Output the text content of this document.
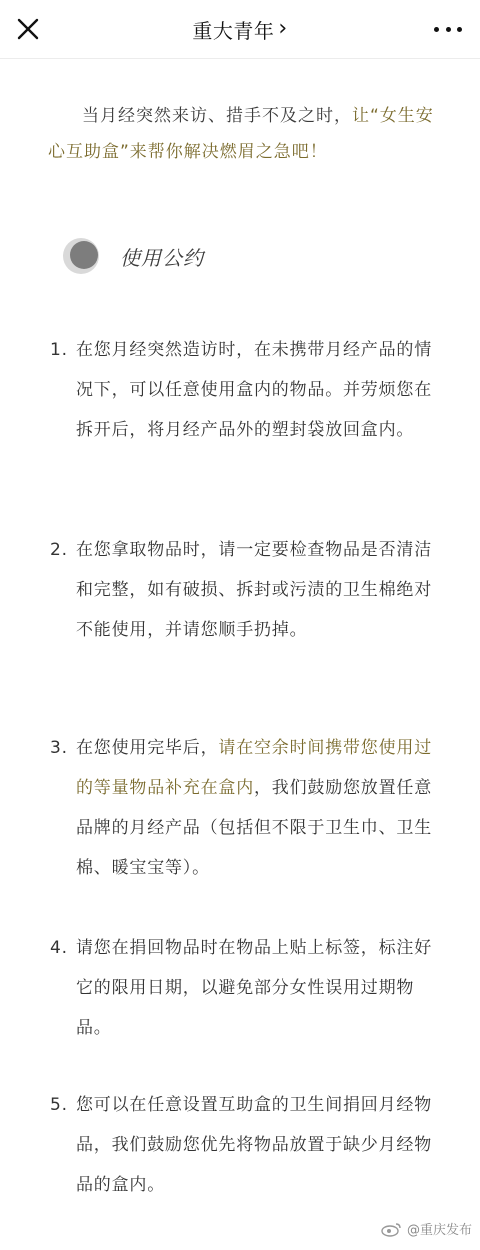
重大青年 ›
当月经突然来访、措手不及之时，让“女生安心互助盒”来帮你解决燃眉之急吧！
使用公约
1. 在您月经突然造访时，在未携带月经产品的情况下，可以任意使用盒内的物品。并劳烦您在拆开后，将月经产品外的塑封袋放回盒内。
2. 在您拿取物品时，请一定要检查物品是否清洁和完整，如有破损、拆封或污渍的卫生棉绝对不能使用，并请您顺手扔掉。
3. 在您使用完毕后，请在空余时间携带您使用过的等量物品补充在盒内，我们鼓励您放置任意品牌的月经产品（包括但不限于卫生巾、卫生棉、暖宝宝等）。
4. 请您在捐回物品时在物品上贴上标签，标注好它的限用日期，以避免部分女性误用过期物品。
5. 您可以在任意设置互助盒的卫生间捐回月经物品，我们鼓励您优先将物品放置于缺少月经物品的盒内。
@重庆发布
